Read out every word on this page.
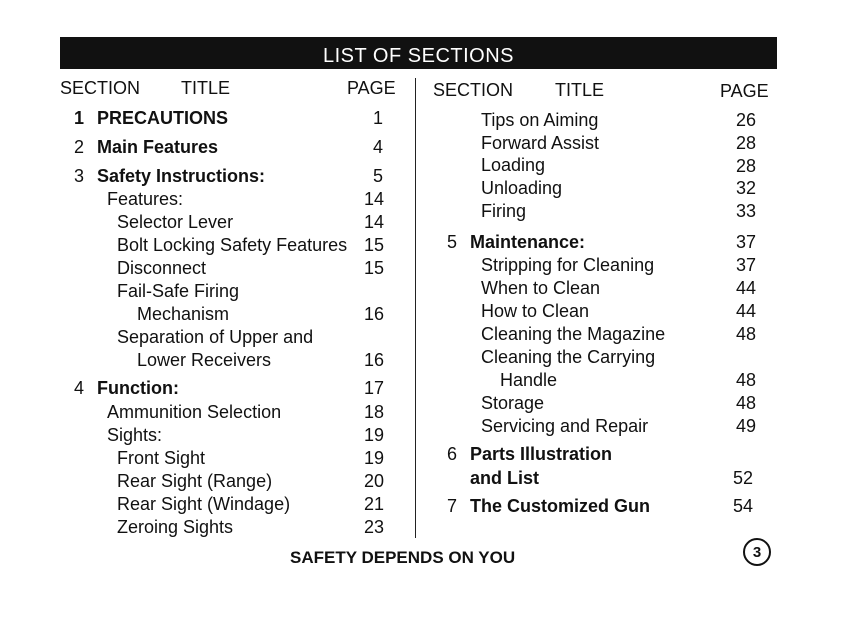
LIST OF SECTIONS
SECTION TITLE	PAGE SECTION TITLE	PAGE
1 PRECAUTIONS	1
2 Main Features	4
3 Safety Instructions:	5
Features:	14
Selector Lever	14
Bolt Locking Safety Features 15
Disconnect	15
Fail-Safe Firing
Mechanism	16
Separation of Upper and
Lower Receivers	16
4 Function:	17
Ammunition Selection	18
Sights:	19
Front Sight	19
Rear Sight (Range)	20
Rear Sight (Windage)	21
Zeroing Sights	23
Tips on Aiming	26
Forward Assist	28
Loading	28
Unloading	32
Firing	33
5 Maintenance:	37
Stripping for Cleaning	37
When to Clean	44
How to Clean	44
Cleaning the Magazine	48
Cleaning the Carrying
Handle	48
Storage	48
Servicing and Repair	49
6 Parts Illustration
and List	52
7 The Customized Gun	54
SAFETY DEPENDS ON YOU	3
